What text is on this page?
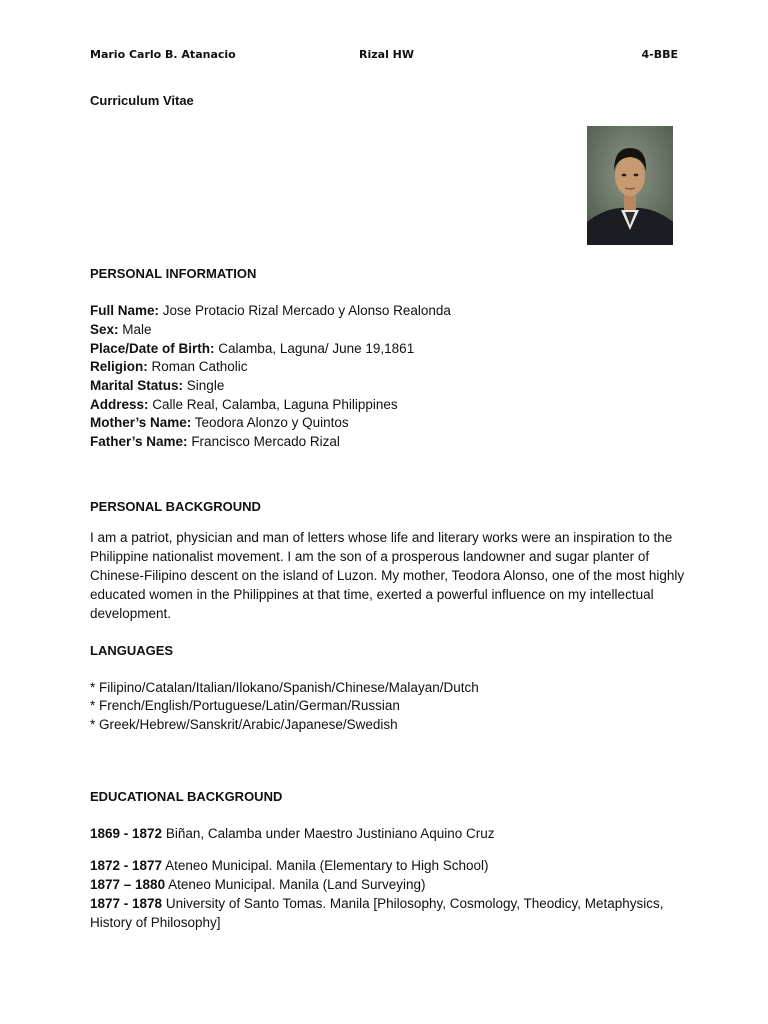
Mario Carlo B. Atanacio	Rizal HW	4-BBE
Curriculum Vitae
PERSONAL INFORMATION
Full Name: Jose Protacio Rizal Mercado y Alonso Realonda
Sex: Male
Place/Date of Birth: Calamba, Laguna/ June 19,1861
Religion: Roman Catholic
Marital Status: Single
Address: Calle Real, Calamba, Laguna Philippines
Mother’s Name: Teodora Alonzo y Quintos
Father’s Name: Francisco Mercado Rizal
PERSONAL BACKGROUND

I am a patriot, physician and man of letters whose life and literary works were an inspiration to the Philippine nationalist movement. I am the son of a prosperous landowner and sugar planter of Chinese-Filipino descent on the island of Luzon. My mother, Teodora Alonso, one of the most highly educated women in the Philippines at that time, exerted a powerful influence on my intellectual development.

LANGUAGES
* Filipino/Catalan/Italian/Ilokano/Spanish/Chinese/Malayan/Dutch
* French/English/Portuguese/Latin/German/Russian
* Greek/Hebrew/Sanskrit/Arabic/Japanese/Swedish
EDUCATIONAL BACKGROUND
1869 - 1872 Biñan, Calamba under Maestro Justiniano Aquino Cruz
1872 - 1877 Ateneo Municipal. Manila (Elementary to High School)
1877 – 1880 Ateneo Municipal. Manila (Land Surveying)
1877 - 1878 University of Santo Tomas. Manila [Philosophy, Cosmology, Theodicy, Metaphysics, History of Philosophy]
